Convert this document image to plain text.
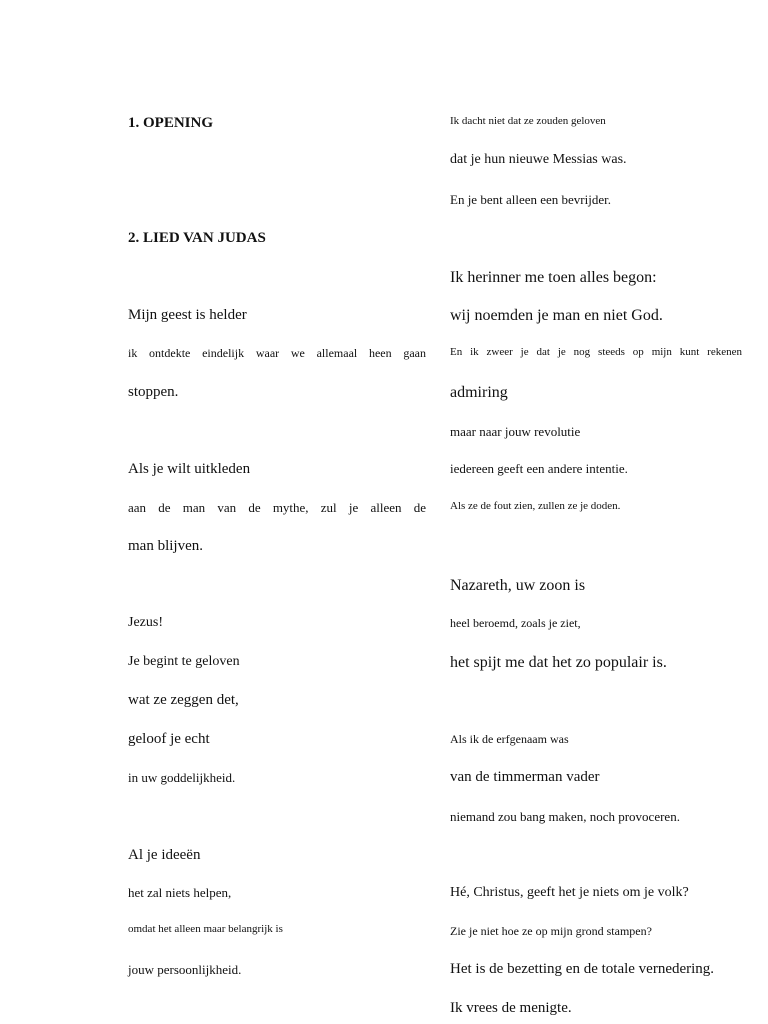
1. OPENING
2. LIED VAN JUDAS
Mijn geest is helder
ik ontdekte eindelijk waar we allemaal heen gaan
stoppen.
Als je wilt uitkleden
aan de man van de mythe, zul je alleen de
man blijven.
Jezus!
Je begint te geloven
wat ze zeggen det,
geloof je echt
in uw goddelijkheid.
Al je ideeën
het zal niets helpen,
omdat het alleen maar belangrijk is
jouw persoonlijkheid.
Ik dacht niet dat ze zouden geloven
dat je hun nieuwe Messias was.
En je bent alleen een bevrijder.
Ik herinner me toen alles begon:
wij noemden je man en niet God.
En ik zweer je dat je nog steeds op mijn kunt rekenen
admiring
maar naar jouw revolutie
iedereen geeft een andere intentie.
Als ze de fout zien, zullen ze je doden.
Nazareth, uw zoon is
heel beroemd, zoals je ziet,
het spijt me dat het zo populair is.
Als ik de erfgenaam was
van de timmerman vader
niemand zou bang maken, noch provoceren.
Hé, Christus, geeft het je niets om je volk?
Zie je niet hoe ze op mijn grond stampen?
Het is de bezetting en de totale vernedering.
Ik vrees de menigte.
